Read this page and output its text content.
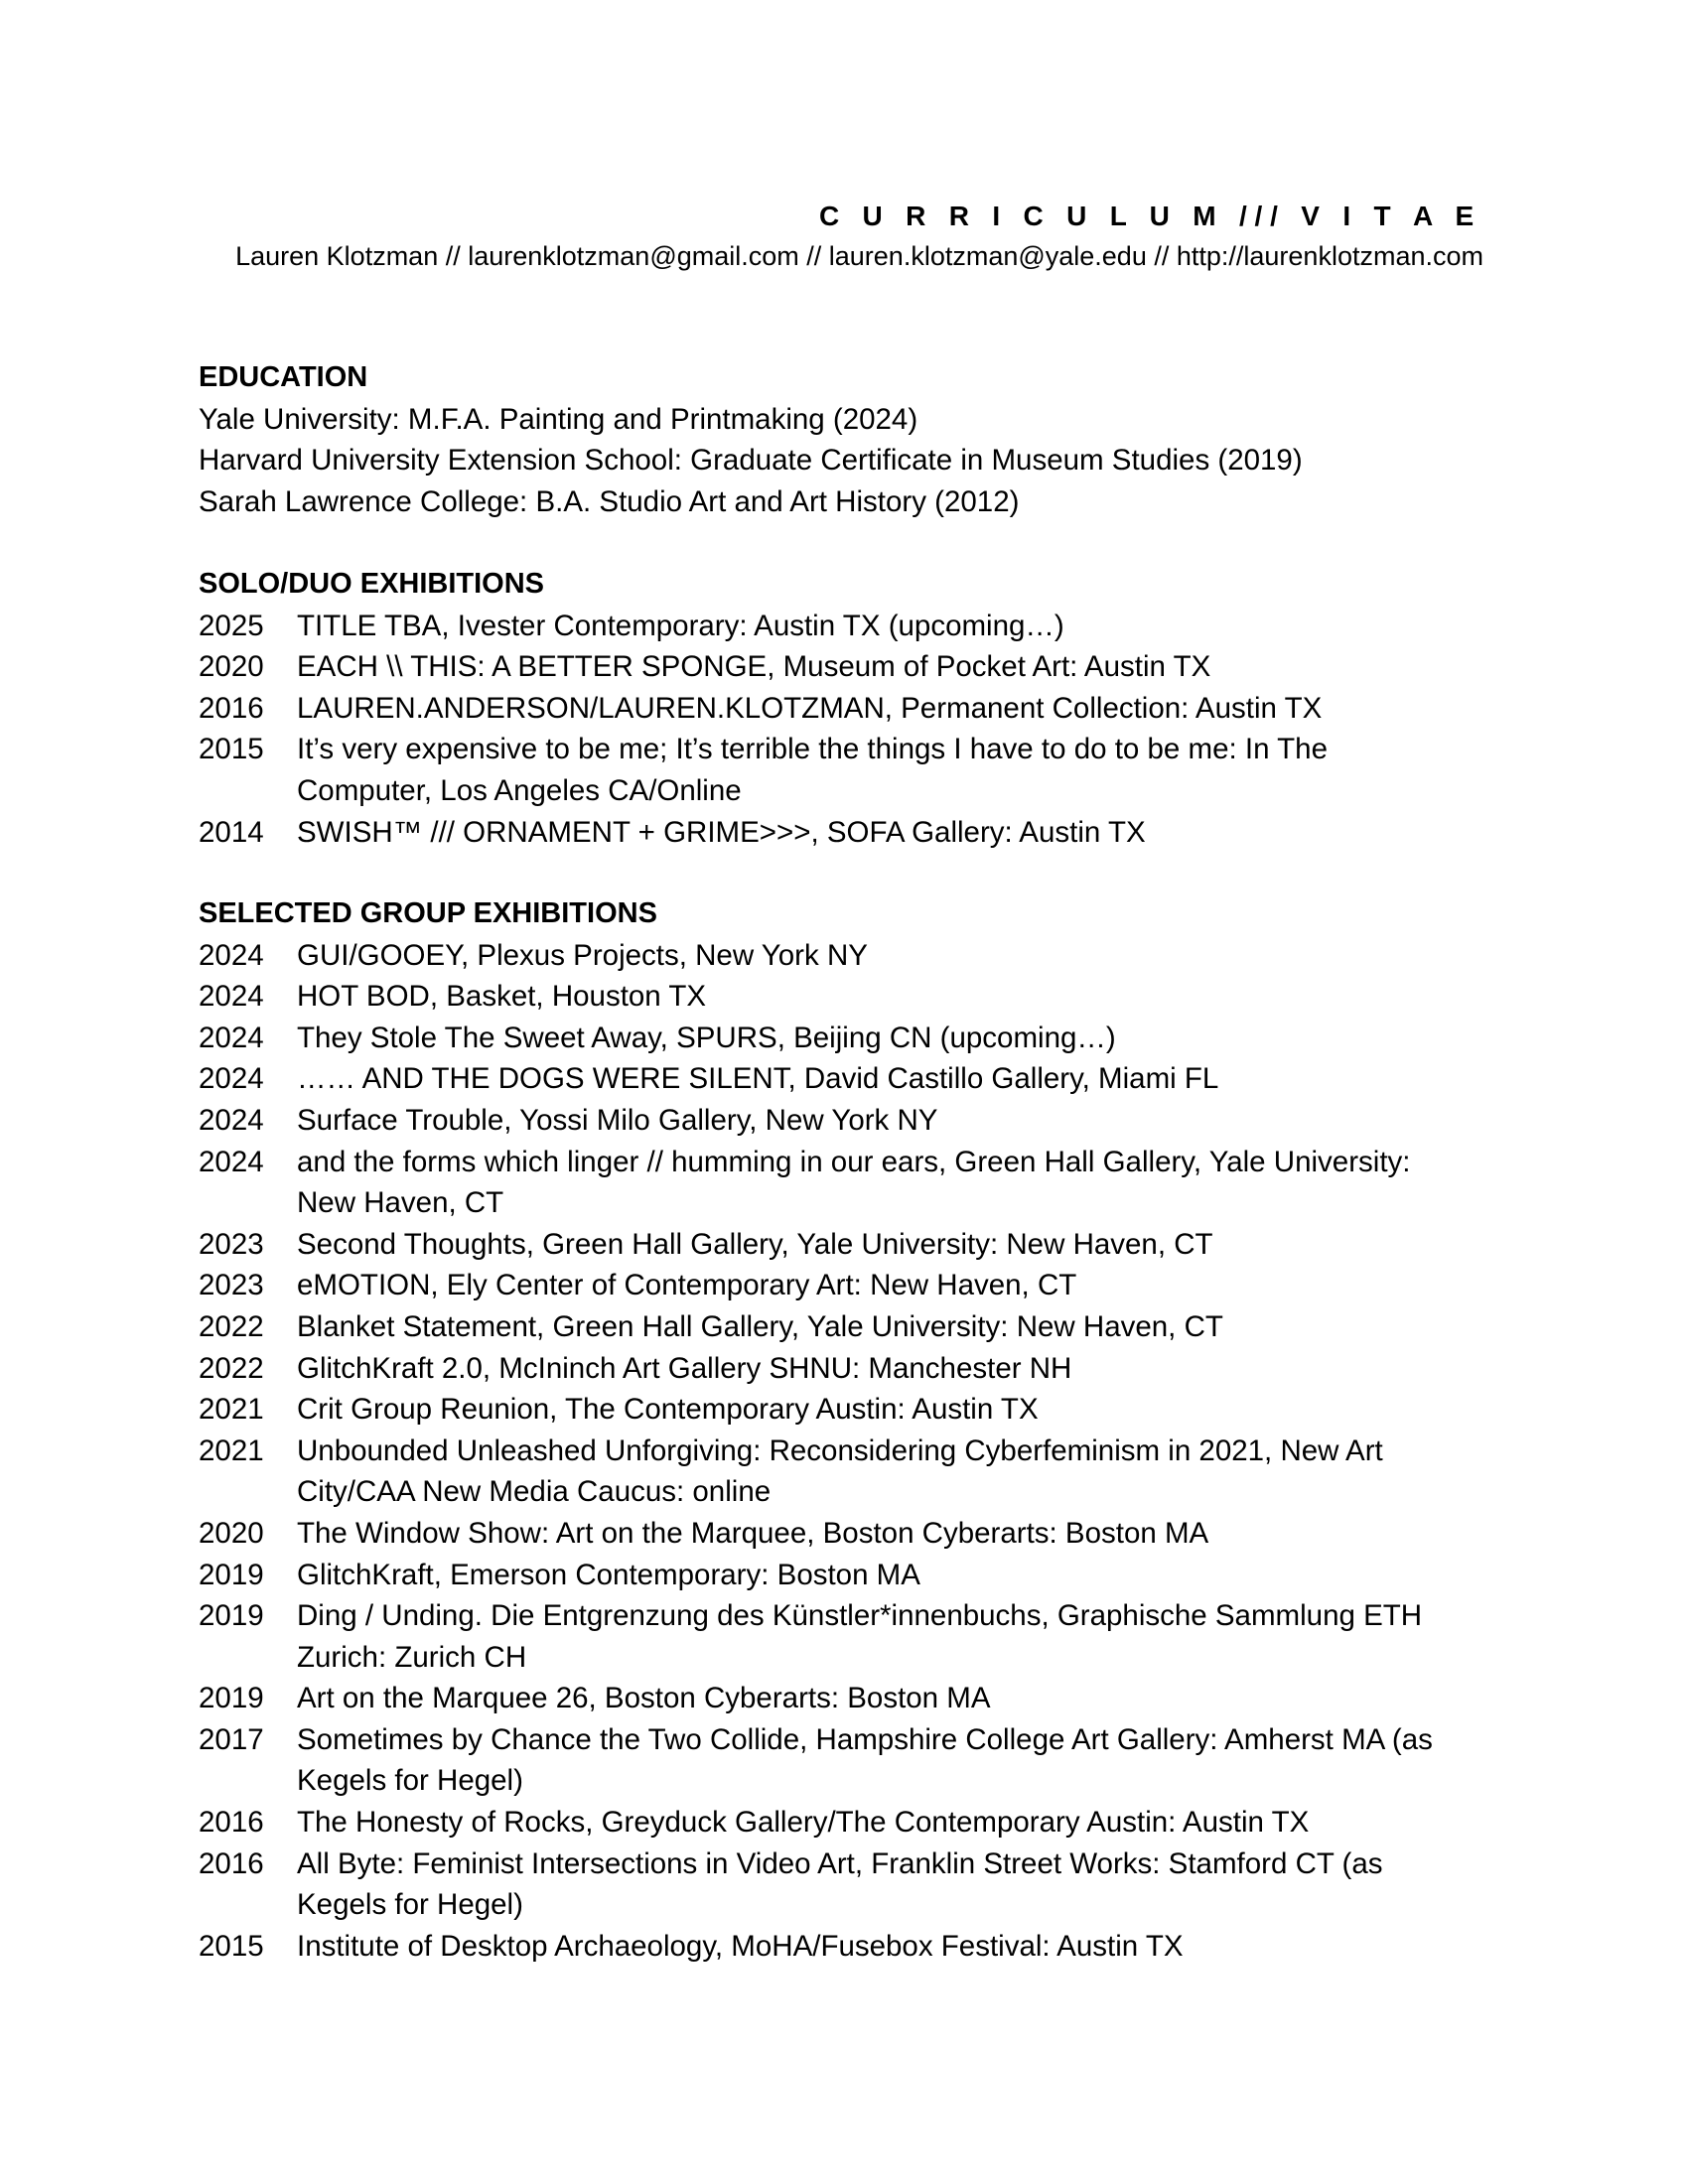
C U R R I C U L U M /// V I T A E
Lauren Klotzman // laurenklotzman@gmail.com // lauren.klotzman@yale.edu // http://laurenklotzman.com
EDUCATION
Yale University: M.F.A. Painting and Printmaking (2024)
Harvard University Extension School: Graduate Certificate in Museum Studies (2019)
Sarah Lawrence College: B.A. Studio Art and Art History (2012)
SOLO/DUO EXHIBITIONS
2025	TITLE TBA, Ivester Contemporary: Austin TX (upcoming…)
2020	EACH \\ THIS: A BETTER SPONGE, Museum of Pocket Art: Austin TX
2016	LAUREN.ANDERSON/LAUREN.KLOTZMAN, Permanent Collection: Austin TX
2015	It’s very expensive to be me; It’s terrible the things I have to do to be me: In The Computer, Los Angeles CA/Online
2014	SWISH™ /// ORNAMENT + GRIME>>>, SOFA Gallery: Austin TX
SELECTED GROUP EXHIBITIONS
2024	GUI/GOOEY, Plexus Projects, New York NY
2024	HOT BOD, Basket, Houston TX
2024	They Stole The Sweet Away, SPURS, Beijing CN (upcoming…)
2024	…… AND THE DOGS WERE SILENT, David Castillo Gallery, Miami FL
2024	Surface Trouble, Yossi Milo Gallery, New York NY
2024	and the forms which linger // humming in our ears, Green Hall Gallery, Yale University: New Haven, CT
2023	Second Thoughts, Green Hall Gallery, Yale University: New Haven, CT
2023	eMOTION, Ely Center of Contemporary Art: New Haven, CT
2022	Blanket Statement, Green Hall Gallery, Yale University: New Haven, CT
2022	GlitchKraft 2.0, McIninch Art Gallery SHNU: Manchester NH
2021	Crit Group Reunion, The Contemporary Austin: Austin TX
2021	Unbounded Unleashed Unforgiving: Reconsidering Cyberfeminism in 2021, New Art City/CAA New Media Caucus: online
2020	The Window Show: Art on the Marquee, Boston Cyberarts: Boston MA
2019	GlitchKraft, Emerson Contemporary: Boston MA
2019	Ding / Unding. Die Entgrenzung des Künstler*innenbuchs, Graphische Sammlung ETH Zurich: Zurich CH
2019	Art on the Marquee 26, Boston Cyberarts: Boston MA
2017	Sometimes by Chance the Two Collide, Hampshire College Art Gallery: Amherst MA (as Kegels for Hegel)
2016	The Honesty of Rocks, Greyduck Gallery/The Contemporary Austin: Austin TX
2016	All Byte: Feminist Intersections in Video Art, Franklin Street Works: Stamford CT (as Kegels for Hegel)
2015	Institute of Desktop Archaeology, MoHA/Fusebox Festival: Austin TX
